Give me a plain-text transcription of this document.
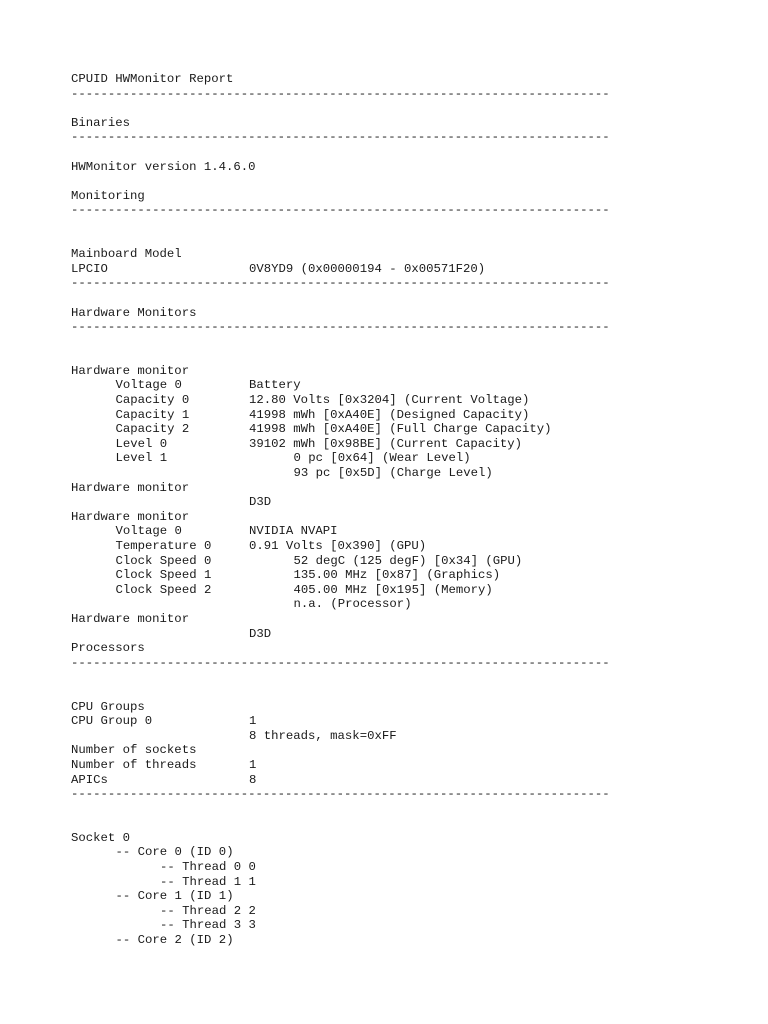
CPUID HWMonitor Report
-------------------------------------------------------------------------
Binaries
-------------------------------------------------------------------------
HWMonitor version 1.4.6.0
Monitoring
-------------------------------------------------------------------------

Mainboard Model

0V8YD9 (0x00000194 - 0x00571F20)

LPCIO
-------------------------------------------------------------------------
Hardware Monitors
-------------------------------------------------------------------------

Hardware monitor

Battery

Voltage 0

12.80 Volts [0x3204] (Current Voltage)

Capacity 0

41998 mWh [0xA40E] (Designed Capacity)

Capacity 1

41998 mWh [0xA40E] (Full Charge Capacity)

Capacity 2

39102 mWh [0x98BE] (Current Capacity)

Level 0

0 pc [0x64] (Wear Level)

Level 1

93 pc [0x5D] (Charge Level)

Hardware monitor

D3D

Hardware monitor

NVIDIA NVAPI

Voltage 0

0.91 Volts [0x390] (GPU)

Temperature 0

52 degC (125 degF) [0x34] (GPU)

Clock Speed 0

135.00 MHz [0x87] (Graphics)

Clock Speed 1

405.00 MHz [0x195] (Memory)

Clock Speed 2

n.a. (Processor)

Hardware monitor

D3D

Processors
-------------------------------------------------------------------------

CPU Groups

1

CPU Group 0

8 threads, mask=0xFF

Number of sockets

1

Number of threads

8

APICs
-------------------------------------------------------------------------

Socket 0

-- Core 0 (ID 0)

-- Thread 0 0

-- Thread 1 1

-- Core 1 (ID 1)

-- Thread 2 2

-- Thread 3 3

-- Core 2 (ID 2)
